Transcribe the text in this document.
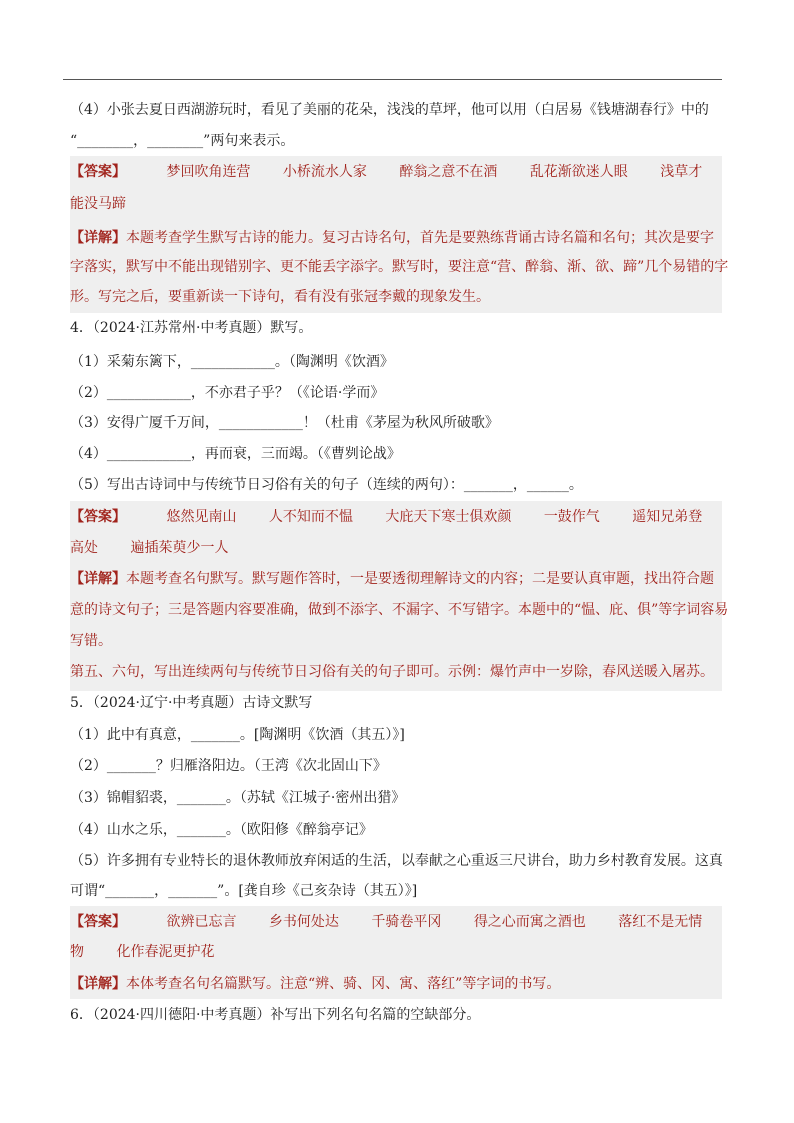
（4）小张去夏日西湖游玩时，看见了美丽的花朵，浅浅的草坪，他可以用（白居易《钱塘湖春行》中的
“________，________”两句来表示。
【答案】	梦回吹角连营 小桥流水人家 醉翁之意不在酒 乱花渐欲迷人眼 浅草才
能没马蹄
【详解】本题考查学生默写古诗的能力。复习古诗名句，首先是要熟练背诵古诗名篇和名句；其次是要字
字落实，默写中不能出现错别字、更不能丢字添字。默写时，要注意“营、醉翁、渐、欲、蹄”几个易错的字
形。写完之后，要重新读一下诗句，看有没有张冠李戴的现象发生。
4．（2024·江苏常州·中考真题）默写。
（1）采菊东篱下，____________。（陶渊明《饮酒》
（2）____________，不亦君子乎？（《论语·学而》
（3）安得广厦千万间，____________！（杜甫《茅屋为秋风所破歌》
（4）____________，再而衰，三而竭。（《曹刿论战》
（5）写出古诗词中与传统节日习俗有关的句子（连续的两句）：_______，______。
【答案】	悠然见南山 人不知而不愠 大庇天下寒士俱欢颜 一鼓作气 遥知兄弟登
高处 遍插茱萸少一人
【详解】本题考查名句默写。默写题作答时，一是要透彻理解诗文的内容；二是要认真审题，找出符合题
意的诗文句子；三是答题内容要准确，做到不添字、不漏字、不写错字。本题中的“愠、庇、俱”等字词容易
写错。
第五、六句，写出连续两句与传统节日习俗有关的句子即可。示例：爆竹声中一岁除，春风送暖入屠苏。
5．（2024·辽宁·中考真题）古诗文默写
（1）此中有真意，_______。[陶渊明《饮酒（其五）》]
（2）_______？归雁洛阳边。（王湾《次北固山下》
（3）锦帽貂裘，_______。（苏轼《江城子·密州出猎》
（4）山水之乐，_______。（欧阳修《醉翁亭记》
（5）许多拥有专业特长的退休教师放弃闲适的生活，以奉献之心重返三尺讲台，助力乡村教育发展。这真
可谓“_______，_______”。[龚自珍《己亥杂诗（其五）》]
【答案】	欲辨已忘言 乡书何处达 千骑卷平冈 得之心而寓之酒也 落红不是无情
物 化作春泥更护花
【详解】本体考查名句名篇默写。注意“辨、骑、冈、寓、落红”等字词的书写。
6．（2024·四川德阳·中考真题）补写出下列名句名篇的空缺部分。
